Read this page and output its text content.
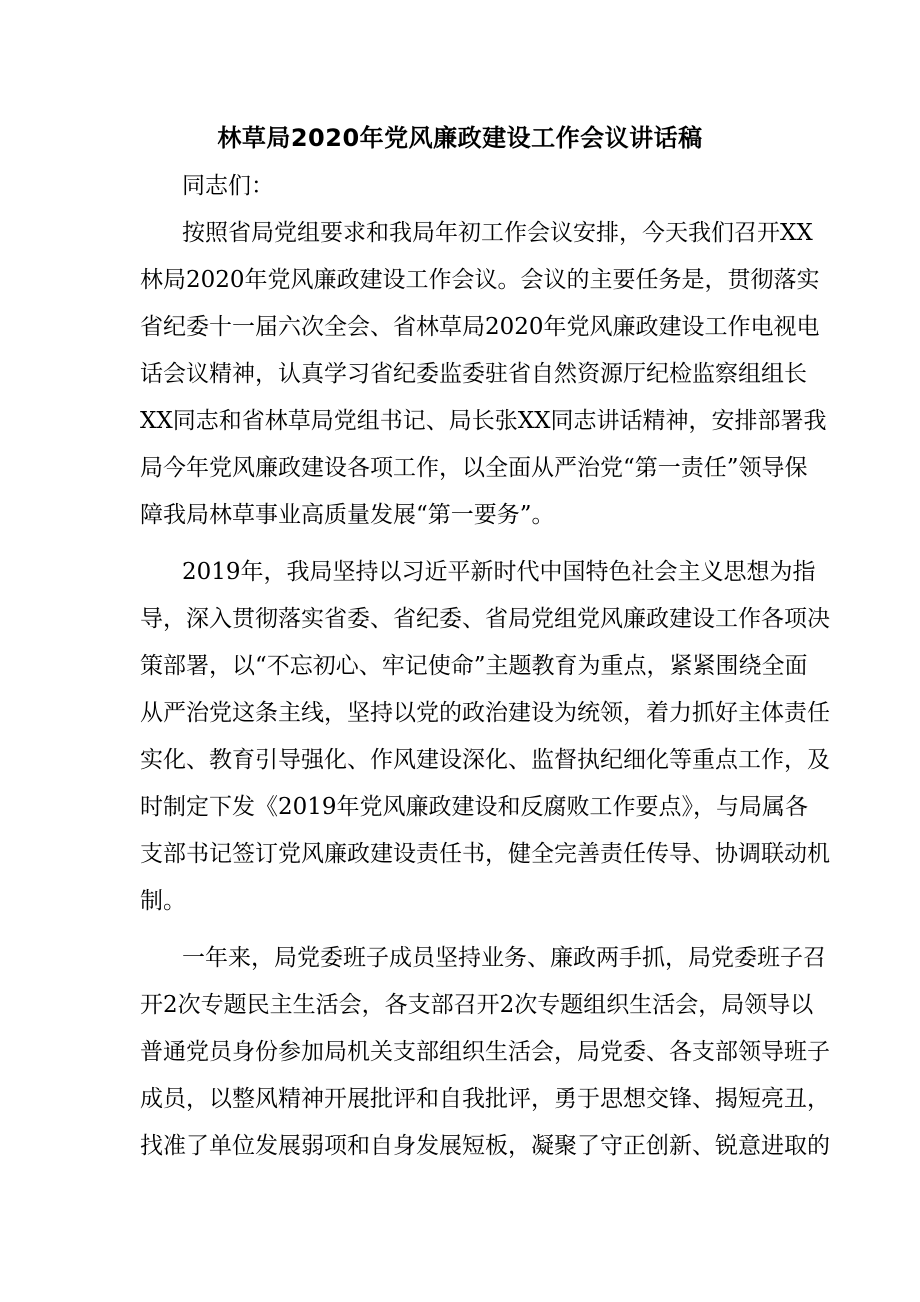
林草局2020年党风廉政建设工作会议讲话稿
同志们：
按照省局党组要求和我局年初工作会议安排，今天我们召开XX
林局2020年党风廉政建设工作会议。会议的主要任务是，贯彻落实
省纪委十一届六次全会、省林草局2020年党风廉政建设工作电视电
话会议精神，认真学习省纪委监委驻省自然资源厅纪检监察组组长
XX同志和省林草局党组书记、局长张XX同志讲话精神，安排部署我
局今年党风廉政建设各项工作，以全面从严治党“第一责任”领导保
障我局林草事业高质量发展“第一要务”。
2019年，我局坚持以习近平新时代中国特色社会主义思想为指
导，深入贯彻落实省委、省纪委、省局党组党风廉政建设工作各项决
策部署，以“不忘初心、牢记使命”主题教育为重点，紧紧围绕全面
从严治党这条主线，坚持以党的政治建设为统领，着力抓好主体责任
实化、教育引导强化、作风建设深化、监督执纪细化等重点工作，及
时制定下发《2019年党风廉政建设和反腐败工作要点》，与局属各
支部书记签订党风廉政建设责任书，健全完善责任传导、协调联动机
制。
一年来，局党委班子成员坚持业务、廉政两手抓，局党委班子召
开2次专题民主生活会，各支部召开2次专题组织生活会，局领导以
普通党员身份参加局机关支部组织生活会，局党委、各支部领导班子
成员，以整风精神开展批评和自我批评，勇于思想交锋、揭短亮丑，
找准了单位发展弱项和自身发展短板，凝聚了守正创新、锐意进取的
